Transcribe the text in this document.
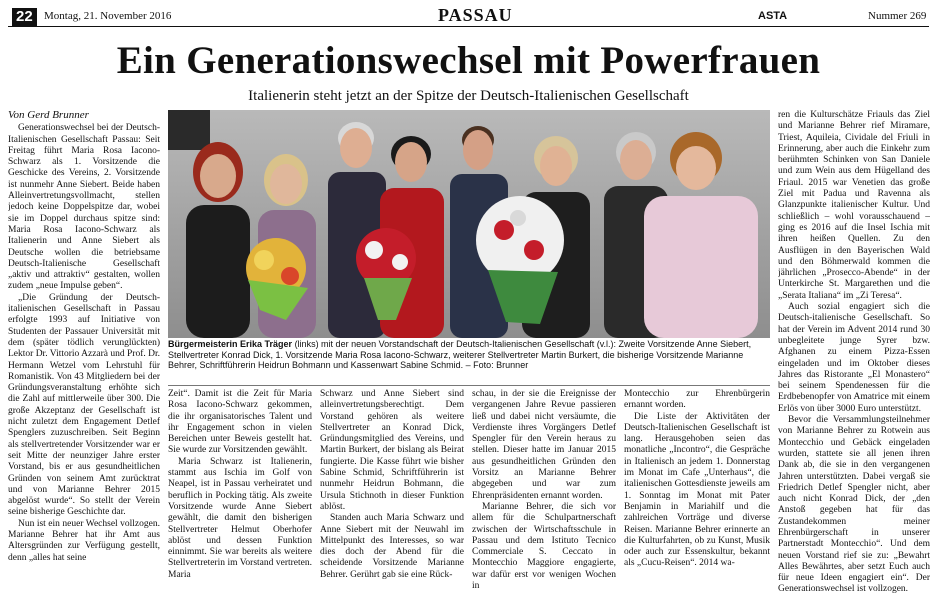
22	Montag, 21. November 2016	PASSAU	ASTA	Nummer 269
Ein Generationswechsel mit Powerfrauen
Italienerin steht jetzt an der Spitze der Deutsch-Italienischen Gesellschaft
Von Gerd Brunner

Generationswechsel bei der Deutsch-Italienischen Gesellschaft Passau: Seit Freitag führt Maria Rosa Iacono-Schwarz als 1. Vorsitzende die Geschicke des Vereins, 2. Vorsitzende ist nunmehr Anne Siebert. Beide haben Alleinvertretungsvollmacht, stellen jedoch keine Doppelspitze dar, wobei sie im Doppel durchaus spitze sind: Maria Rosa Iacono-Schwarz als Italienerin und Anne Siebert als Deutsche wollen die betriebsame Deutsch-Italienische Gesellschaft „aktiv und attraktiv“ gestalten, wollen zudem „neue Impulse geben“.

„Die Gründung der Deutsch-italienischen Gesellschaft in Passau erfolgte 1993 auf Initiative von Studenten der Passauer Universität mit dem (später tödlich verunglückten) Lektor Dr. Vittorio Azzarà und Prof. Dr. Hermann Wetzel vom Lehrstuhl für Romanistik. Von 43 Mitgliedern bei der Gründungsveranstaltung erhöhte sich die Zahl auf mittlerweile über 300. Die große Akzeptanz der Gesellschaft ist nicht zuletzt dem Engagement Detlef Spenglers zuzuschreiben. Seit Beginn als stellvertretender Vorsitzender war er seit Mitte der neunziger Jahre erster Vorstand, bis er aus gesundheitlichen Gründen von seinem Amt zurücktrat und von Marianne Behrer 2015 abgelöst wurde“. So stellt der Verein seine bisherige Geschichte dar.

Nun ist ein neuer Wechsel vollzogen. Marianne Behrer hat ihr Amt aus Altersgründen zur Verfügung gestellt, denn „alles hat seine

Bürgermeisterin Erika Träger (links) mit der neuen Vorstandschaft der Deutsch-Italienischen Gesellschaft (v.l.): Zweite Vorsitzende Anne Siebert, Stellvertreter Konrad Dick, 1. Vorsitzende Maria Rosa Iacono-Schwarz, weiterer Stellvertreter Martin Burkert, die bisherige Vorsitzende Marianne Behrer, Schriftführerin Heidrun Bohmann und Kassenwart Sabine Schmid. – Foto: Brunner

Zeit“. Damit ist die Zeit für Maria Rosa Iacono-Schwarz gekommen, die ihr organisatorisches Talent und ihr Engagement schon in vielen Bereichen unter Beweis gestellt hat. Sie wurde zur Vorsitzenden gewählt.

Maria Schwarz ist Italienerin, stammt aus Ischia im Golf von Neapel, ist in Passau verheiratet und beruflich in Pocking tätig. Als zweite Vorsitzende wurde Anne Siebert gewählt, die damit den bisherigen Stellvertreter Helmut Oberhofer ablöst und dessen Funktion einnimmt. Sie war bereits als weitere Stellvertreterin im Vorstand vertreten. Maria

Schwarz und Anne Siebert sind alleinvertretungsberechtigt. Dem Vorstand gehören als weitere Stellvertreter an Konrad Dick, Gründungsmitglied des Vereins, und Martin Burkert, der bislang als Beirat fungierte. Die Kasse führt wie bisher Sabine Schmid, Schriftführerin ist nunmehr Heidrun Bohmann, die Ursula Stichnoth in dieser Funktion ablöst.

Standen auch Maria Schwarz und Anne Siebert mit der Neuwahl im Mittelpunkt des Interesses, so war dies doch der Abend für die scheidende Vorsitzende Marianne Behrer. Gerührt gab sie eine Rück-

schau, in der sie die Ereignisse der vergangenen Jahre Revue passieren ließ und dabei nicht versäumte, die Verdienste ihres Vorgängers Detlef Spengler für den Verein heraus zu stellen. Dieser hatte im Januar 2015 aus gesundheitlichen Gründen den Vorsitz an Marianne Behrer abgegeben und war zum Ehrenpräsidenten ernannt worden.

Marianne Behrer, die sich vor allem für die Schulpartnerschaft zwischen der Wirtschaftsschule in Passau und dem Istituto Tecnico Commerciale S. Ceccato in Montecchio Maggiore engagierte, war dafür erst vor wenigen Wochen in

Montecchio zur Ehrenbürgerin ernannt worden.

Die Liste der Aktivitäten der Deutsch-Italienischen Gesellschaft ist lang. Herausgehoben seien das monatliche „Incontro“, die Gespräche in Italienisch an jedem 1. Donnerstag im Monat im Cafe „Unterhaus“, die italienischen Gottesdienste jeweils am 1. Sonntag im Monat mit Pater Benjamin in Mariahilf und die zahlreichen Vorträge und diverse Reisen. Marianne Behrer erinnerte an die Kulturfahrten, ob zu Kunst, Musik oder auch zur Essenskultur, bekannt als „Cucu-Reisen“. 2014 wa-

ren die Kulturschätze Friauls das Ziel und Marianne Behrer rief Miramare, Triest, Aquileia, Cividale del Friuli in Erinnerung, aber auch die Einkehr zum berühmten Schinken von San Daniele und zum Wein aus dem Hügelland des Friaul. 2015 war Venetien das große Ziel mit Padua und Ravenna als Glanzpunkte italienischer Kultur. Und schließlich – wohl vorausschauend – ging es 2016 auf die Insel Ischia mit ihren heißen Quellen. Zu den Ausflügen in den Bayerischen Wald und den Böhmerwald kommen die jährlichen „Prosecco-Abende“ in der Unterkirche St. Margarethen und die „Serata Italiana“ im „Zi Teresa“.

Auch sozial engagiert sich die Deutsch-italienische Gesellschaft. So hat der Verein im Advent 2014 rund 30 unbegleitete junge Syrer bzw. Afghanen zu einem Pizza-Essen eingeladen und im Oktober dieses Jahres das Ristorante „El Monastero“ bei seinem Spendenessen für die Erdbebenopfer von Amatrice mit einem Erlös von über 3000 Euro unterstützt.

Bevor die Versammlungsteilnehmer von Marianne Behrer zu Rotwein aus Montecchio und Gebäck eingeladen wurden, stattete sie all jenen ihren Dank ab, die sie in den vergangenen Jahren unterstützten. Dabei vergaß sie Friedrich Detlef Spengler nicht, aber auch nicht Konrad Dick, der „den Anstoß gegeben hat für das Zustandekommen meiner Ehrenbürgerschaft in unserer Partnerstadt Montecchio“. Und dem neuen Vorstand rief sie zu: „Bewahrt Alles Bewährtes, aber setzt Euch auch für neue Ideen engagiert ein“. Der Generationswechsel ist vollzogen.
